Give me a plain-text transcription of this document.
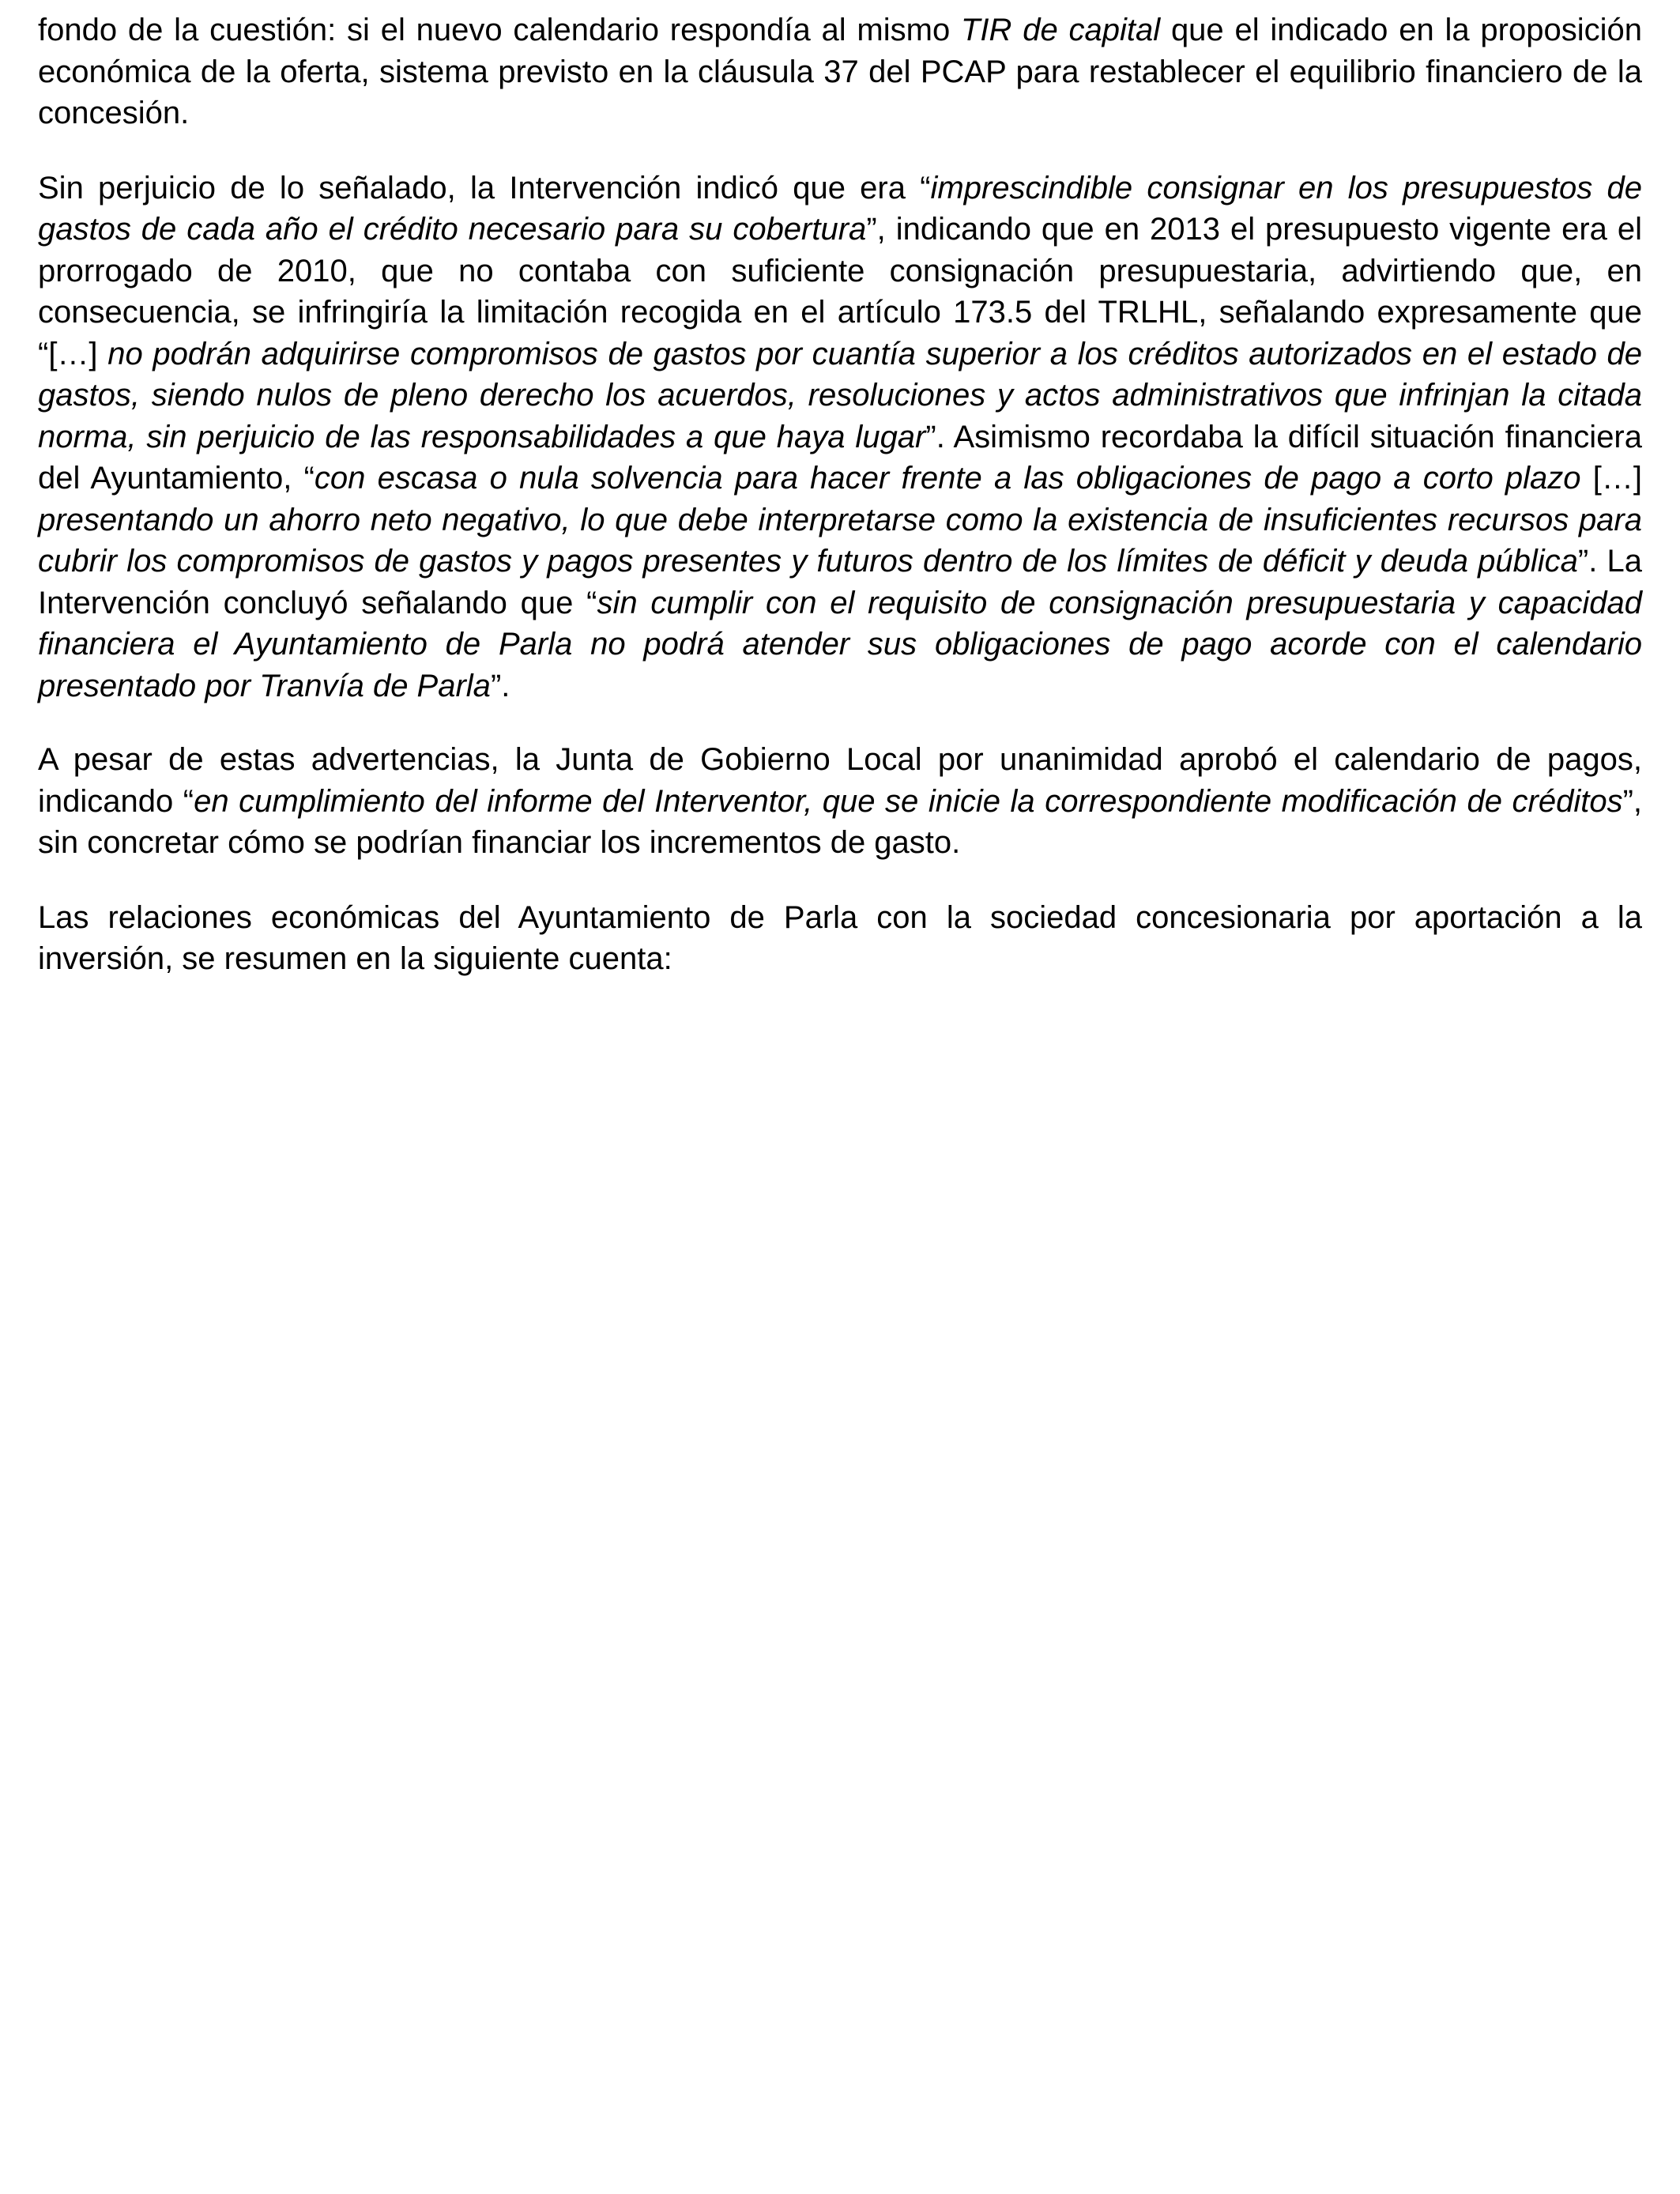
fondo de la cuestión: si el nuevo calendario respondía al mismo TIR de capital que el indicado en la proposición económica de la oferta, sistema previsto en la cláusula 37 del PCAP para restablecer el equilibrio financiero de la concesión.

Sin perjuicio de lo señalado, la Intervención indicó que era “imprescindible consignar en los presupuestos de gastos de cada año el crédito necesario para su cobertura”, indicando que en 2013 el presupuesto vigente era el prorrogado de 2010, que no contaba con suficiente consignación presupuestaria, advirtiendo que, en consecuencia, se infringiría la limitación recogida en el artículo 173.5 del TRLHL, señalando expresamente que “[…] no podrán adquirirse compromisos de gastos por cuantía superior a los créditos autorizados en el estado de gastos, siendo nulos de pleno derecho los acuerdos, resoluciones y actos administrativos que infrinjan la citada norma, sin perjuicio de las responsabilidades a que haya lugar”. Asimismo recordaba la difícil situación financiera del Ayuntamiento, “con escasa o nula solvencia para hacer frente a las obligaciones de pago a corto plazo […] presentando un ahorro neto negativo, lo que debe interpretarse como la existencia de insuficientes recursos para cubrir los compromisos de gastos y pagos presentes y futuros dentro de los límites de déficit y deuda pública”. La Intervención concluyó señalando que “sin cumplir con el requisito de consignación presupuestaria y capacidad financiera el Ayuntamiento de Parla no podrá atender sus obligaciones de pago acorde con el calendario presentado por Tranvía de Parla”.

A pesar de estas advertencias, la Junta de Gobierno Local por unanimidad aprobó el calendario de pagos, indicando “en cumplimiento del informe del Interventor, que se inicie la correspondiente modificación de créditos”, sin concretar cómo se podrían financiar los incrementos de gasto.

Las relaciones económicas del Ayuntamiento de Parla con la sociedad concesionaria por aportación a la inversión, se resumen en la siguiente cuenta:
